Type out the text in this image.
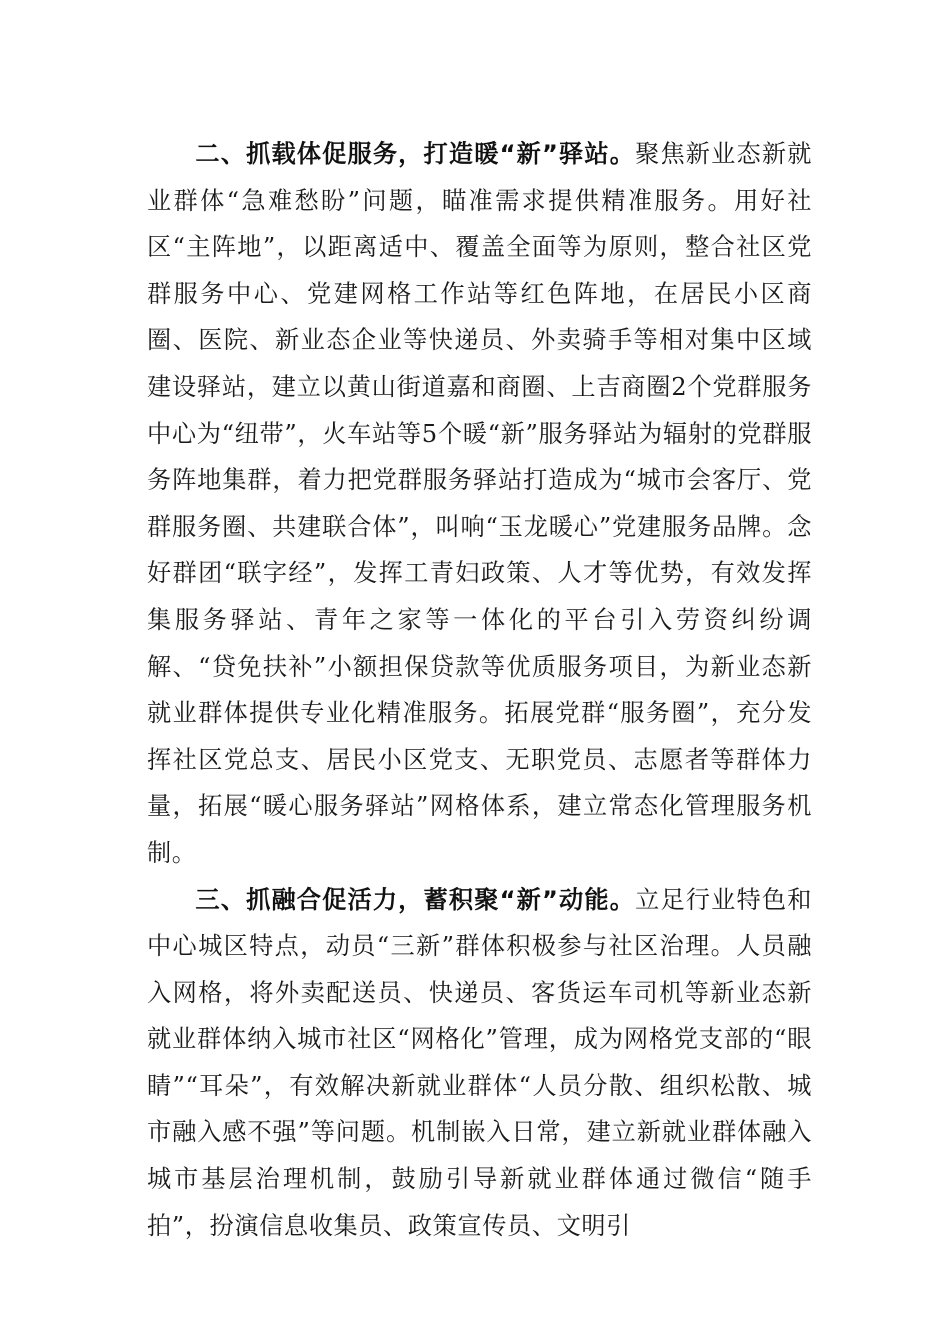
二、抓载体促服务，打造暖“新”驿站。聚焦新业态新就业群体“急难愁盼”问题，瞄准需求提供精准服务。用好社区“主阵地”，以距离适中、覆盖全面等为原则，整合社区党群服务中心、党建网格工作站等红色阵地，在居民小区商圈、医院、新业态企业等快递员、外卖骑手等相对集中区域建设驿站，建立以黄山街道嘉和商圈、上吉商圈2个党群服务中心为“纽带”，火车站等5个暖“新”服务驿站为辐射的党群服务阵地集群，着力把党群服务驿站打造成为“城市会客厅、党群服务圈、共建联合体”，叫响“玉龙暖心”党建服务品牌。念好群团“联字经”，发挥工青妇政策、人才等优势，有效发挥集服务驿站、青年之家等一体化的平台引入劳资纠纷调解、“贷免扶补”小额担保贷款等优质服务项目，为新业态新就业群体提供专业化精准服务。拓展党群“服务圈”，充分发挥社区党总支、居民小区党支、无职党员、志愿者等群体力量，拓展“暖心服务驿站”网格体系，建立常态化管理服务机制。

三、抓融合促活力，蓄积聚“新”动能。立足行业特色和中心城区特点，动员“三新”群体积极参与社区治理。人员融入网格，将外卖配送员、快递员、客货运车司机等新业态新就业群体纳入城市社区“网格化”管理，成为网格党支部的“眼睛”“耳朵”，有效解决新就业群体“人员分散、组织松散、城市融入感不强”等问题。机制嵌入日常，建立新就业群体融入城市基层治理机制，鼓励引导新就业群体通过微信“随手拍”，扮演信息收集员、政策宣传员、文明引
